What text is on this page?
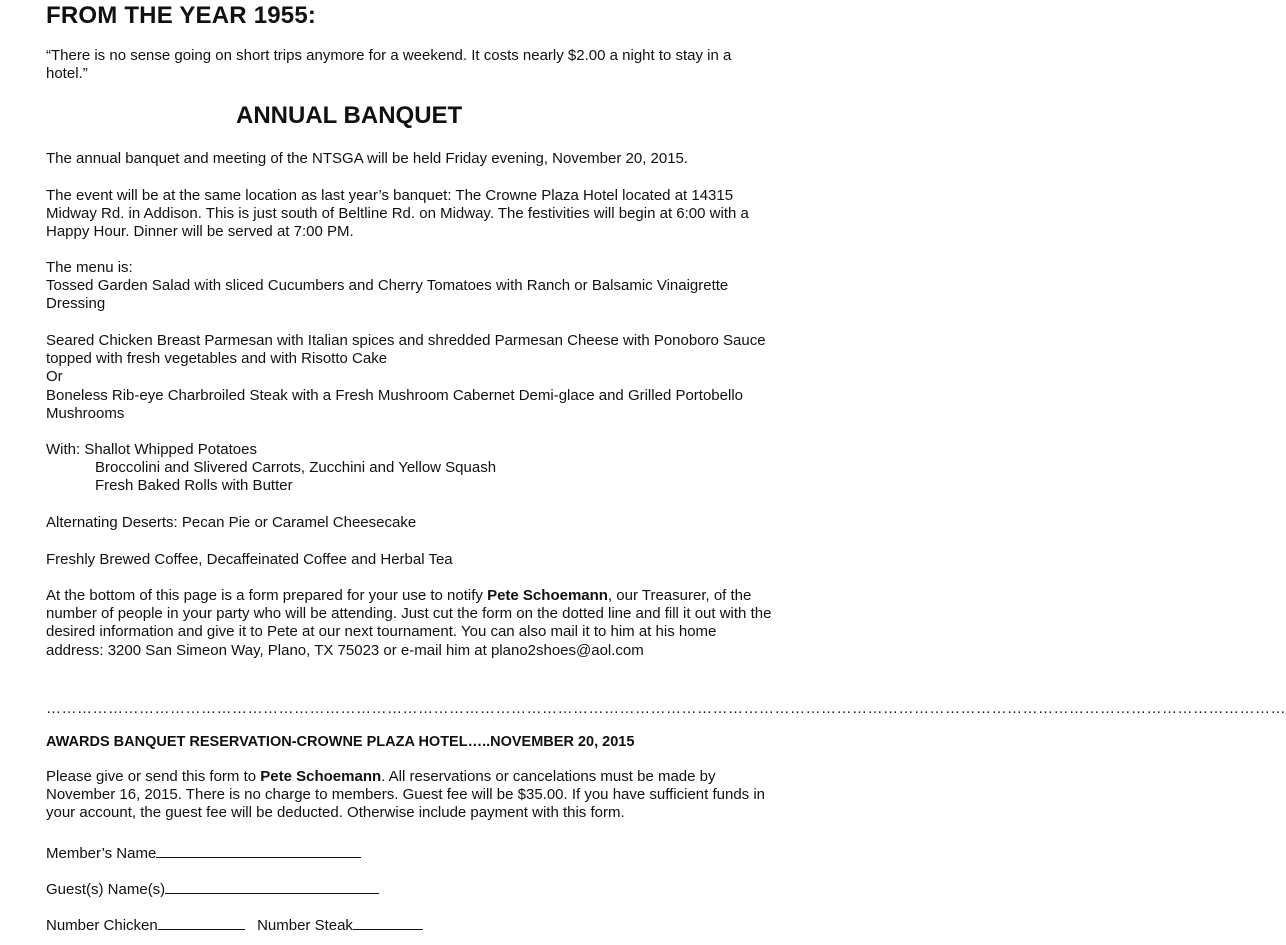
FROM THE YEAR 1955:
“There is no sense going on short trips anymore for a weekend. It costs nearly $2.00 a night to stay in a hotel.”
ANNUAL BANQUET
The annual banquet and meeting of the NTSGA will be held Friday evening, November 20, 2015.
The event will be at the same location as last year’s banquet: The Crowne Plaza Hotel located at 14315 Midway Rd. in Addison. This is just south of Beltline Rd. on Midway. The festivities will begin at 6:00 with a Happy Hour. Dinner will be served at 7:00 PM.
The menu is:
Tossed Garden Salad with sliced Cucumbers and Cherry Tomatoes with Ranch or Balsamic Vinaigrette Dressing
Seared Chicken Breast Parmesan with Italian spices and shredded Parmesan Cheese with Ponoboro Sauce topped with fresh vegetables and with Risotto Cake
Or
Boneless Rib-eye Charbroiled Steak with a Fresh Mushroom Cabernet Demi-glace and Grilled Portobello Mushrooms
With: Shallot Whipped Potatoes
Broccolini and Slivered Carrots, Zucchini and Yellow Squash
Fresh Baked Rolls with Butter
Alternating Deserts: Pecan Pie or Caramel Cheesecake
Freshly Brewed Coffee, Decaffeinated Coffee and Herbal Tea
At the bottom of this page is a form prepared for your use to notify Pete Schoemann, our Treasurer, of the number of people in your party who will be attending. Just cut the form on the dotted line and fill it out with the desired information and give it to Pete at our next tournament. You can also mail it to him at his home address: 3200 San Simeon Way, Plano, TX 75023 or e-mail him at plano2shoes@aol.com
……………………………………………………………………………………………………………………………………………………………………………………………………………………
AWARDS BANQUET RESERVATION-CROWNE PLAZA HOTEL…..NOVEMBER 20, 2015
Please give or send this form to Pete Schoemann. All reservations or cancelations must be made by November 16, 2015. There is no charge to members. Guest fee will be $35.00. If you have sufficient funds in your account, the guest fee will be deducted. Otherwise include payment with this form.
Member’s Name
Guest(s) Name(s)
Number Chicken	Number Steak
